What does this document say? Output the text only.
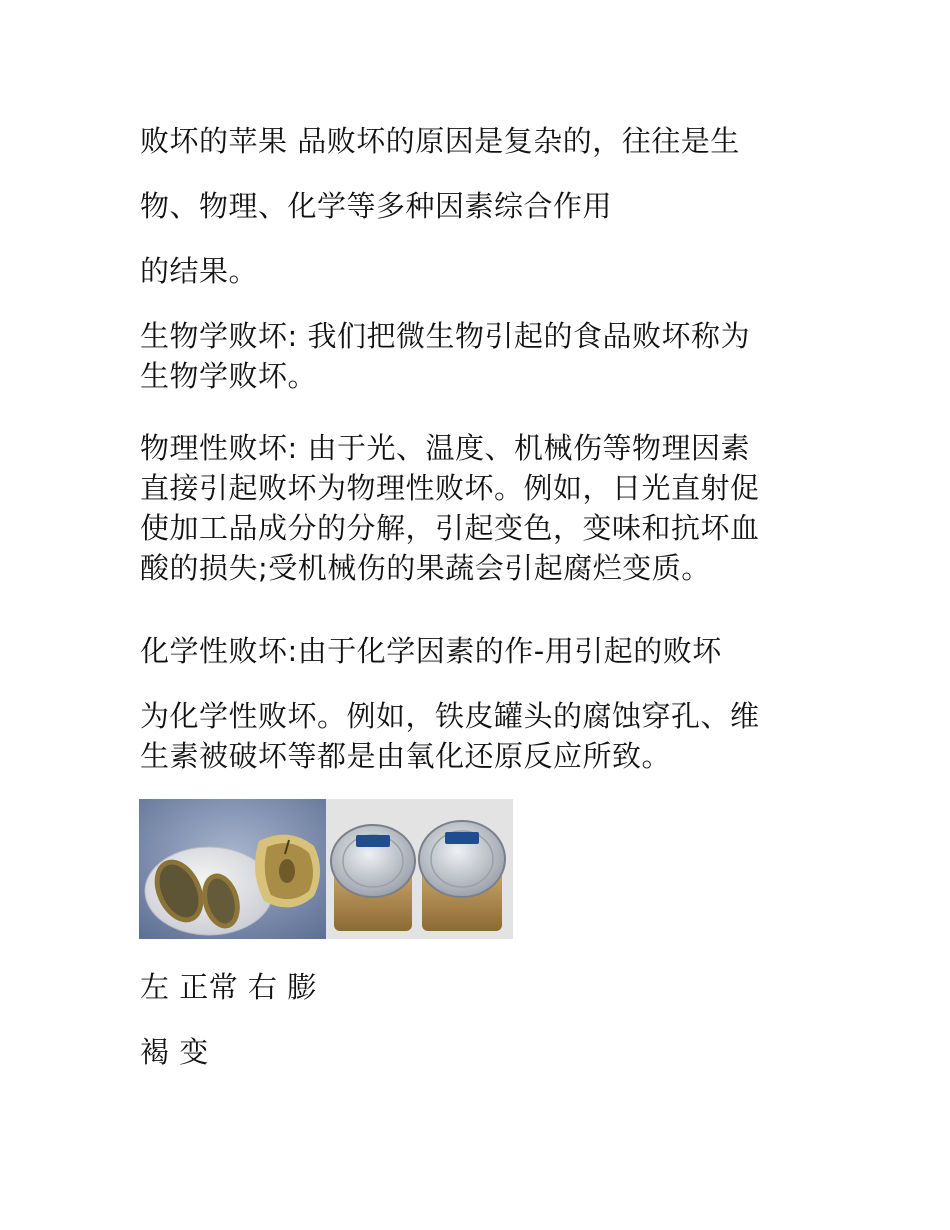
败坏的苹果 品败坏的原因是复杂的，往往是生

物、物理、化学等多种因素综合作用

的结果。

生物学败坏: 我们把微生物引起的食品败坏称为
生物学败坏。

物理性败坏: 由于光、温度、机械伤等物理因素
直接引起败坏为物理性败坏。例如，日光直射促
使加工品成分的分解，引起变色，变味和抗坏血
酸的损失;受机械伤的果蔬会引起腐烂变质。

化学性败坏:由于化学因素的作-用引起的败坏

为化学性败坏。例如，铁皮罐头的腐蚀穿孔、维
生素被破坏等都是由氧化还原反应所致。

左 正常 右 膨

褐 变
